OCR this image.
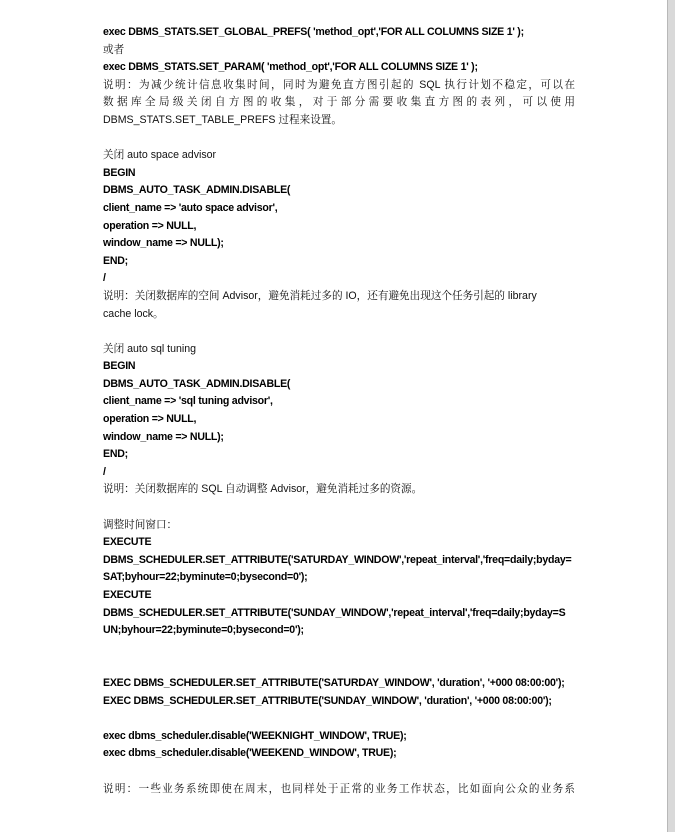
exec DBMS_STATS.SET_GLOBAL_PREFS( 'method_opt','FOR ALL COLUMNS SIZE 1' );
或者
exec DBMS_STATS.SET_PARAM( 'method_opt','FOR ALL COLUMNS SIZE 1' );
说明：为减少统计信息收集时间，同时为避免直方图引起的 SQL 执行计划不稳定，可以在
数据库全局级关闭自方图的收集，对于部分需要收集直方图的表列，可以使用
DBMS_STATS.SET_TABLE_PREFS 过程来设置。
关闭 auto space advisor
BEGIN
DBMS_AUTO_TASK_ADMIN.DISABLE(
client_name => 'auto space advisor',
operation => NULL,
window_name => NULL);
END;
/
说明：关闭数据库的空间 Advisor，避免消耗过多的 IO，还有避免出现这个任务引起的 library
cache lock。
关闭 auto sql tuning
BEGIN
DBMS_AUTO_TASK_ADMIN.DISABLE(
client_name => 'sql tuning advisor',
operation => NULL,
window_name => NULL);
END;
/
说明：关闭数据库的 SQL 自动调整 Advisor，避免消耗过多的资源。
调整时间窗口：
EXECUTE
DBMS_SCHEDULER.SET_ATTRIBUTE('SATURDAY_WINDOW','repeat_interval','freq=daily;byday=
SAT;byhour=22;byminute=0;bysecond=0');
EXECUTE
DBMS_SCHEDULER.SET_ATTRIBUTE('SUNDAY_WINDOW','repeat_interval','freq=daily;byday=S
UN;byhour=22;byminute=0;bysecond=0');
EXEC DBMS_SCHEDULER.SET_ATTRIBUTE('SATURDAY_WINDOW', 'duration', '+000 08:00:00');
EXEC DBMS_SCHEDULER.SET_ATTRIBUTE('SUNDAY_WINDOW', 'duration', '+000 08:00:00');
exec dbms_scheduler.disable('WEEKNIGHT_WINDOW', TRUE);
exec dbms_scheduler.disable('WEEKEND_WINDOW', TRUE);
说明：一些业务系统即使在周末，也同样处于正常的业务工作状态，比如面向公众的业务系
